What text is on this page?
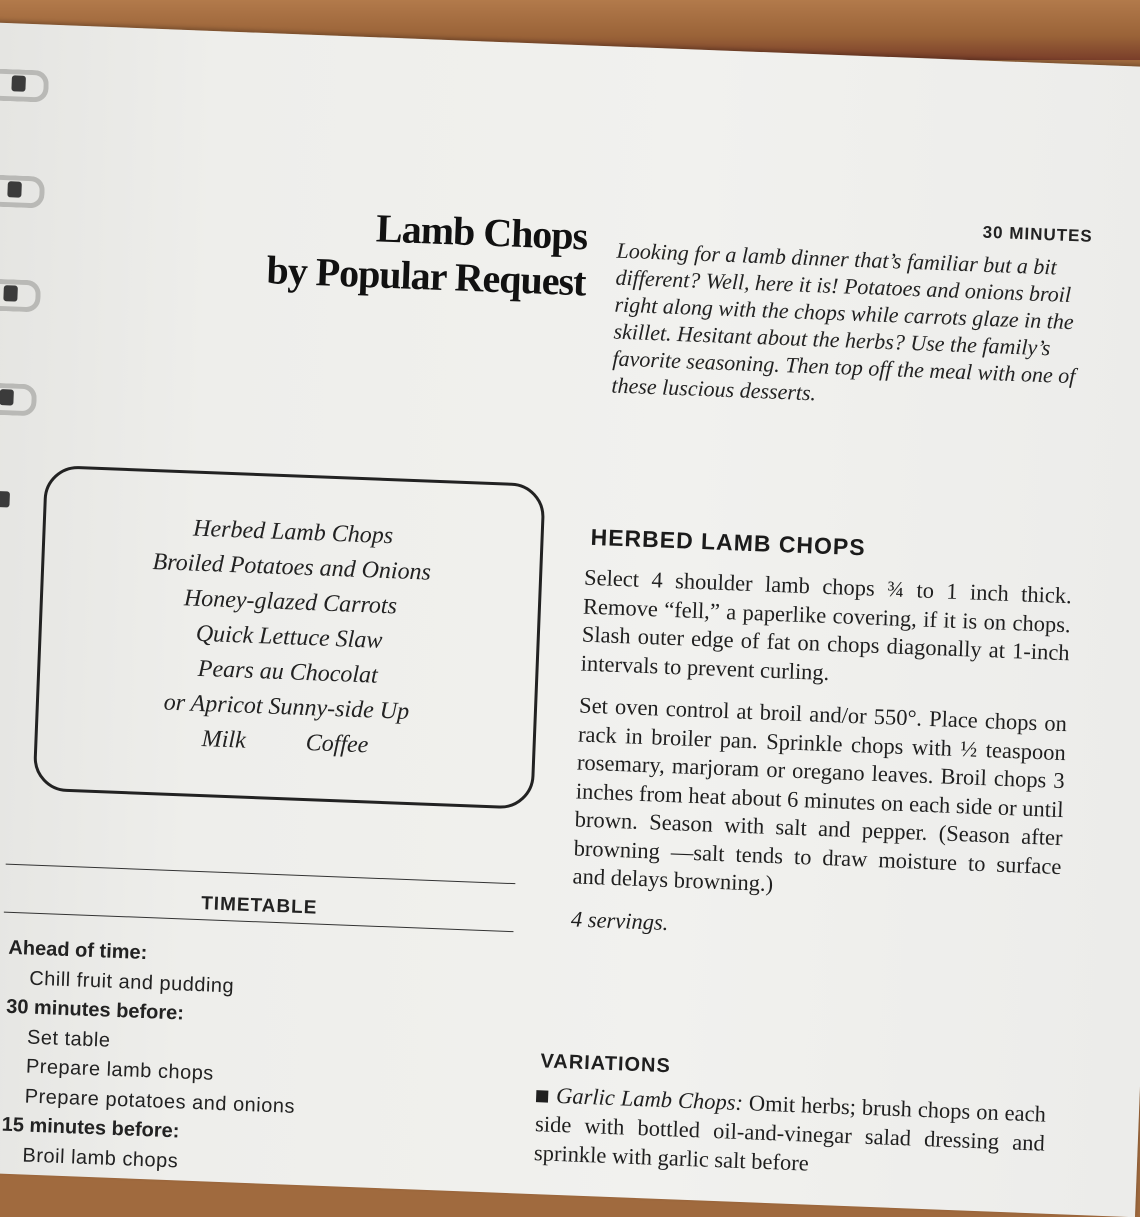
30 MINUTES
Lamb Chops
by Popular Request Looking for a lamb dinner that’s familiar but a bit different? Well, here it is! Potatoes and onions broil right along with the chops while carrots glaze in the skillet. Hesitant about the herbs? Use the family’s favorite seasoning. Then top off the meal with one of these luscious desserts.
Herbed Lamb Chops
Broiled Potatoes and Onions
Honey-glazed Carrots
Quick Lettuce Slaw
Pears au Chocolat
or Apricot Sunny-side Up
Milk Coffee
TIMETABLE
Ahead of time:
Chill fruit and pudding
30 minutes before:
Set table
Prepare lamb chops
Prepare potatoes and onions
15 minutes before:
Broil lamb chops
HERBED LAMB CHOPS

Select 4 shoulder lamb chops ¾ to 1 inch thick. Remove “fell,” a paperlike covering, if it is on chops. Slash outer edge of fat on chops diagonally at 1-inch intervals to prevent curling.

Set oven control at broil and/or 550°. Place chops on rack in broiler pan. Sprinkle chops with ½ teaspoon rosemary, marjoram or oregano leaves. Broil chops 3 inches from heat about 6 minutes on each side or until brown. Season with salt and pepper. (Season after browning —salt tends to draw moisture to surface and delays browning.)

4 servings.

VARIATIONS
Garlic Lamb Chops: Omit herbs; brush chops on each side with bottled oil-and-vinegar salad dressing and sprinkle with garlic salt before
